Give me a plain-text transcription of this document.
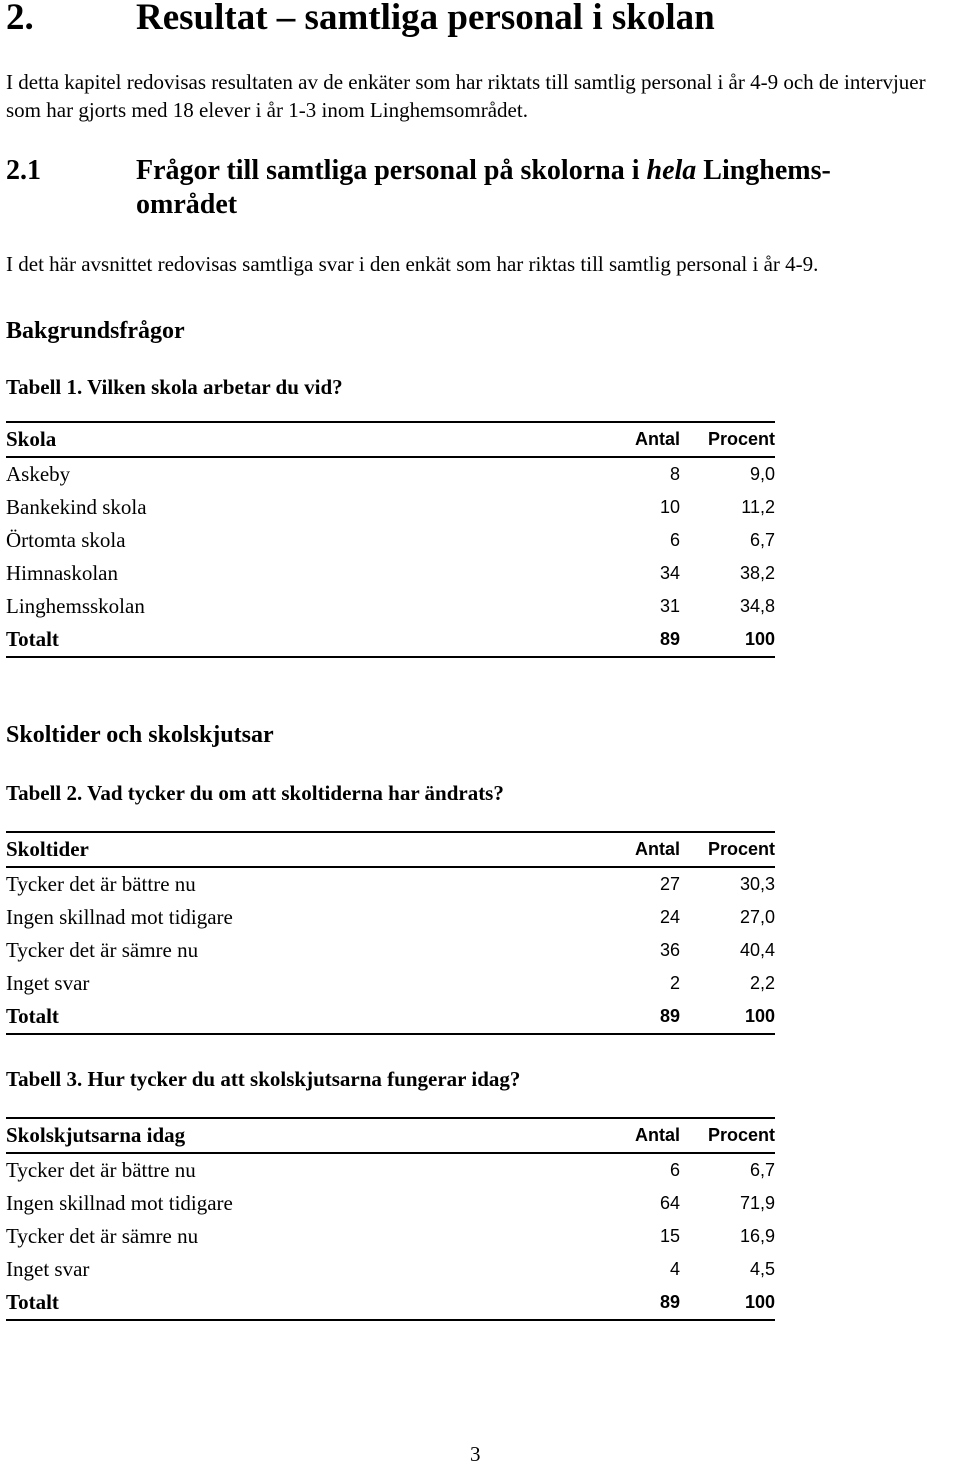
2.	Resultat – samtliga personal i skolan

I detta kapitel redovisas resultaten av de enkäter som har riktats till samtlig personal i år 4-9 och de intervjuer som har gjorts med 18 elever i år 1-3 inom Linghemsområdet.

2.1	Frågor till samtliga personal på skolorna i hela Linghems-området

I det här avsnittet redovisas samtliga svar i den enkät som har riktas till samtlig personal i år 4-9.

Bakgrundsfrågor
Tabell 1. Vilken skola arbetar du vid?
Skola	Antal	Procent
Askeby	8	9,0
Bankekind skola	10	11,2
Örtomta skola	6	6,7
Himnaskolan	34	38,2
Linghemsskolan	31	34,8
Totalt	89	100
Skoltider och skolskjutsar
Tabell 2. Vad tycker du om att skoltiderna har ändrats?
Skoltider	Antal	Procent
Tycker det är bättre nu	27	30,3
Ingen skillnad mot tidigare	24	27,0
Tycker det är sämre nu	36	40,4
Inget svar	2	2,2
Totalt	89	100
Tabell 3. Hur tycker du att skolskjutsarna fungerar idag?
Skolskjutsarna idag	Antal	Procent
Tycker det är bättre nu	6	6,7
Ingen skillnad mot tidigare	64	71,9
Tycker det är sämre nu	15	16,9
Inget svar	4	4,5
Totalt	89	100
3
